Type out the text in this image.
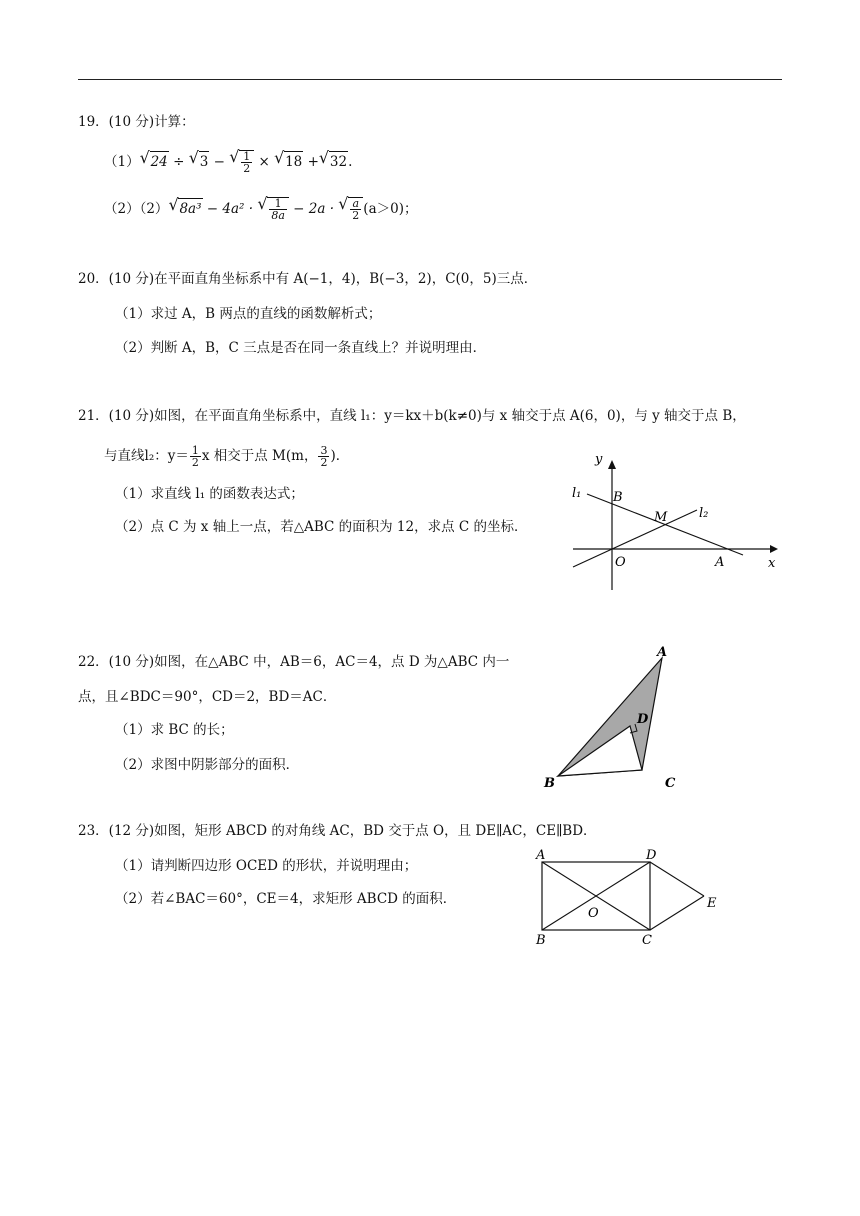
19．(10 分)计算：
（1） √ 24 ÷ √ 3 − √ $\frac{1}{2}$ × √ 18 + √ 32.
（2）（2） √ 8a³ − 4a² · √ $\frac{1}{8a} - 2a$ · √ $\frac{a}{2} (a>0)$；
20．(10 分)在平面直角坐标系中有 A(−1，4)，B(−3，2)，C(0，5)三点．
（1）求过 A，B 两点的直线的函数解析式；
（2）判断 A，B，C 三点是否在同一条直线上？并说明理由．
21．(10 分)如图，在平面直角坐标系中，直线 l₁：y＝kx＋b(k≠0)与 x 轴交于点 A(6，0)，与 y 轴交于点 B，
与直线l₂：$y= \frac{1}{2}$ x 相交于点 M(m， $\frac{3}{2}$ )．
（1）求直线 l₁ 的函数表达式；
（2）点 C 为 x 轴上一点，若△ABC 的面积为 12，求点 C 的坐标．
y
x
l₁
l₂
B
M
O	A
22．(10 分)如图，在△ABC 中，AB＝6，AC＝4，点 D 为△ABC 内一
点，且∠BDC＝90°，CD＝2，BD＝AC．
（1）求 BC 的长；
（2）求图中阴影部分的面积．
A
B	C
D
23．(12 分)如图，矩形 ABCD 的对角线 AC，BD 交于点 O，且 DE∥AC，CE∥BD．
（1）请判断四边形 OCED 的形状，并说明理由；
（2）若∠BAC＝60°，CE＝4，求矩形 ABCD 的面积．
A	D
B	C
E
O
